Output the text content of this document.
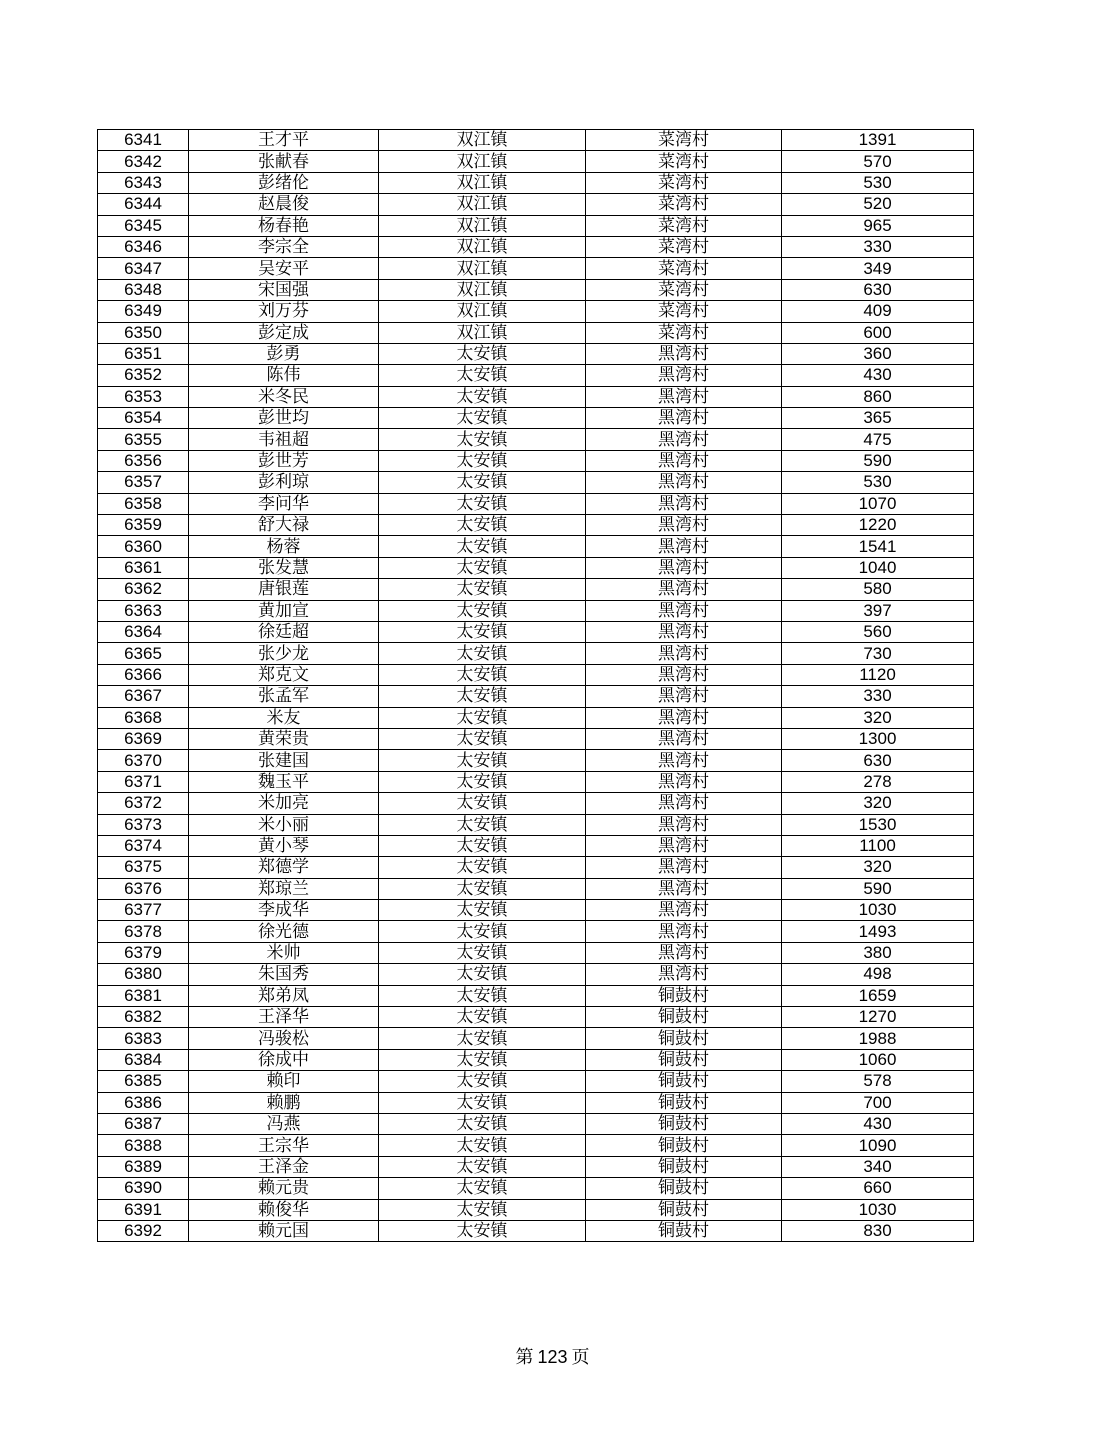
6341	王才平	双江镇	菜湾村	1391
6342	张献春	双江镇	菜湾村	570
6343	彭绪伦	双江镇	菜湾村	530
6344	赵晨俊	双江镇	菜湾村	520
6345	杨春艳	双江镇	菜湾村	965
6346	李宗全	双江镇	菜湾村	330
6347	吴安平	双江镇	菜湾村	349
6348	宋国强	双江镇	菜湾村	630
6349	刘万芬	双江镇	菜湾村	409
6350	彭定成	双江镇	菜湾村	600
6351	彭勇	太安镇	黑湾村	360
6352	陈伟	太安镇	黑湾村	430
6353	米冬民	太安镇	黑湾村	860
6354	彭世均	太安镇	黑湾村	365
6355	韦祖超	太安镇	黑湾村	475
6356	彭世芳	太安镇	黑湾村	590
6357	彭利琼	太安镇	黑湾村	530
6358	李问华	太安镇	黑湾村	1070
6359	舒大禄	太安镇	黑湾村	1220
6360	杨蓉	太安镇	黑湾村	1541
6361	张发慧	太安镇	黑湾村	1040
6362	唐银莲	太安镇	黑湾村	580
6363	黄加宣	太安镇	黑湾村	397
6364	徐廷超	太安镇	黑湾村	560
6365	张少龙	太安镇	黑湾村	730
6366	郑克文	太安镇	黑湾村	1120
6367	张孟军	太安镇	黑湾村	330
6368	米友	太安镇	黑湾村	320
6369	黄荣贵	太安镇	黑湾村	1300
6370	张建国	太安镇	黑湾村	630
6371	魏玉平	太安镇	黑湾村	278
6372	米加亮	太安镇	黑湾村	320
6373	米小丽	太安镇	黑湾村	1530
6374	黄小琴	太安镇	黑湾村	1100
6375	郑德学	太安镇	黑湾村	320
6376	郑琼兰	太安镇	黑湾村	590
6377	李成华	太安镇	黑湾村	1030
6378	徐光德	太安镇	黑湾村	1493
6379	米帅	太安镇	黑湾村	380
6380	朱国秀	太安镇	黑湾村	498
6381	郑弟凤	太安镇	铜鼓村	1659
6382	王泽华	太安镇	铜鼓村	1270
6383	冯骏松	太安镇	铜鼓村	1988
6384	徐成中	太安镇	铜鼓村	1060
6385	赖印	太安镇	铜鼓村	578
6386	赖鹏	太安镇	铜鼓村	700
6387	冯燕	太安镇	铜鼓村	430
6388	王宗华	太安镇	铜鼓村	1090
6389	王泽金	太安镇	铜鼓村	340
6390	赖元贵	太安镇	铜鼓村	660
6391	赖俊华	太安镇	铜鼓村	1030
6392	赖元国	太安镇	铜鼓村	830
第 123 页
